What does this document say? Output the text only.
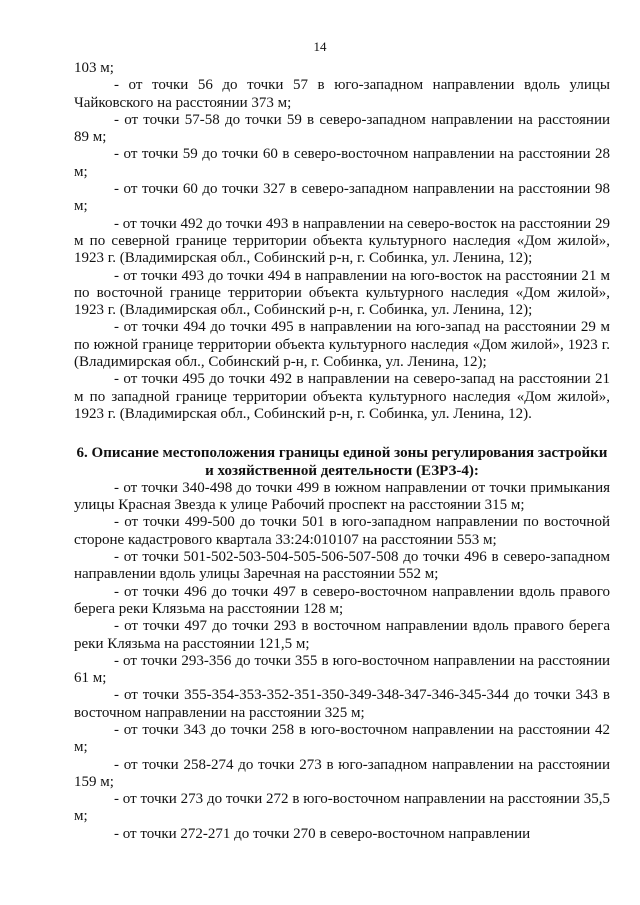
14

103 м;

- от точки 56 до точки 57 в юго-западном направлении вдоль улицы Чайковского на расстоянии 373 м;

- от точки 57-58 до точки 59 в северо-западном направлении на расстоянии 89 м;

- от точки 59 до точки 60 в северо-восточном направлении на расстоянии 28 м;

- от точки 60 до точки 327 в северо-западном направлении на расстоянии 98 м;

- от точки 492 до точки 493 в направлении на северо-восток на расстоянии 29 м по северной границе территории объекта культурного наследия «Дом жилой», 1923 г. (Владимирская обл., Собинский р-н, г. Собинка, ул. Ленина, 12);

- от точки 493 до точки 494 в направлении на юго-восток на расстоянии 21 м по восточной границе территории объекта культурного наследия «Дом жилой», 1923 г. (Владимирская обл., Собинский р-н, г. Собинка, ул. Ленина, 12);

- от точки 494 до точки 495 в направлении на юго-запад на расстоянии 29 м по южной границе территории объекта культурного наследия «Дом жилой», 1923 г. (Владимирская обл., Собинский р-н, г. Собинка, ул. Ленина, 12);

- от точки 495 до точки 492 в направлении на северо-запад на расстоянии 21 м по западной границе территории объекта культурного наследия «Дом жилой», 1923 г. (Владимирская обл., Собинский р-н, г. Собинка, ул. Ленина, 12).

6. Описание местоположения границы единой зоны регулирования застройки и хозяйственной деятельности (ЕЗРЗ-4):

- от точки 340-498 до точки 499 в южном направлении от точки примыкания улицы Красная Звезда к улице Рабочий проспект на расстоянии 315 м;

- от точки 499-500 до точки 501 в юго-западном направлении по восточной стороне кадастрового квартала 33:24:010107 на расстоянии 553 м;

- от точки 501-502-503-504-505-506-507-508 до точки 496 в северо-западном направлении вдоль улицы Заречная на расстоянии 552 м;

- от точки 496 до точки 497 в северо-восточном направлении вдоль правого берега реки Клязьма на расстоянии 128 м;

- от точки 497 до точки 293 в восточном направлении вдоль правого берега реки Клязьма на расстоянии 121,5 м;

- от точки 293-356 до точки 355 в юго-восточном направлении на расстоянии 61 м;

- от точки 355-354-353-352-351-350-349-348-347-346-345-344 до точки 343 в восточном направлении на расстоянии 325 м;

- от точки 343 до точки 258 в юго-восточном направлении на расстоянии 42 м;

- от точки 258-274 до точки 273 в юго-западном направлении на расстоянии 159 м;

- от точки 273 до точки 272 в юго-восточном направлении на расстоянии 35,5 м;

- от точки 272-271 до точки 270 в северо-восточном направлении
